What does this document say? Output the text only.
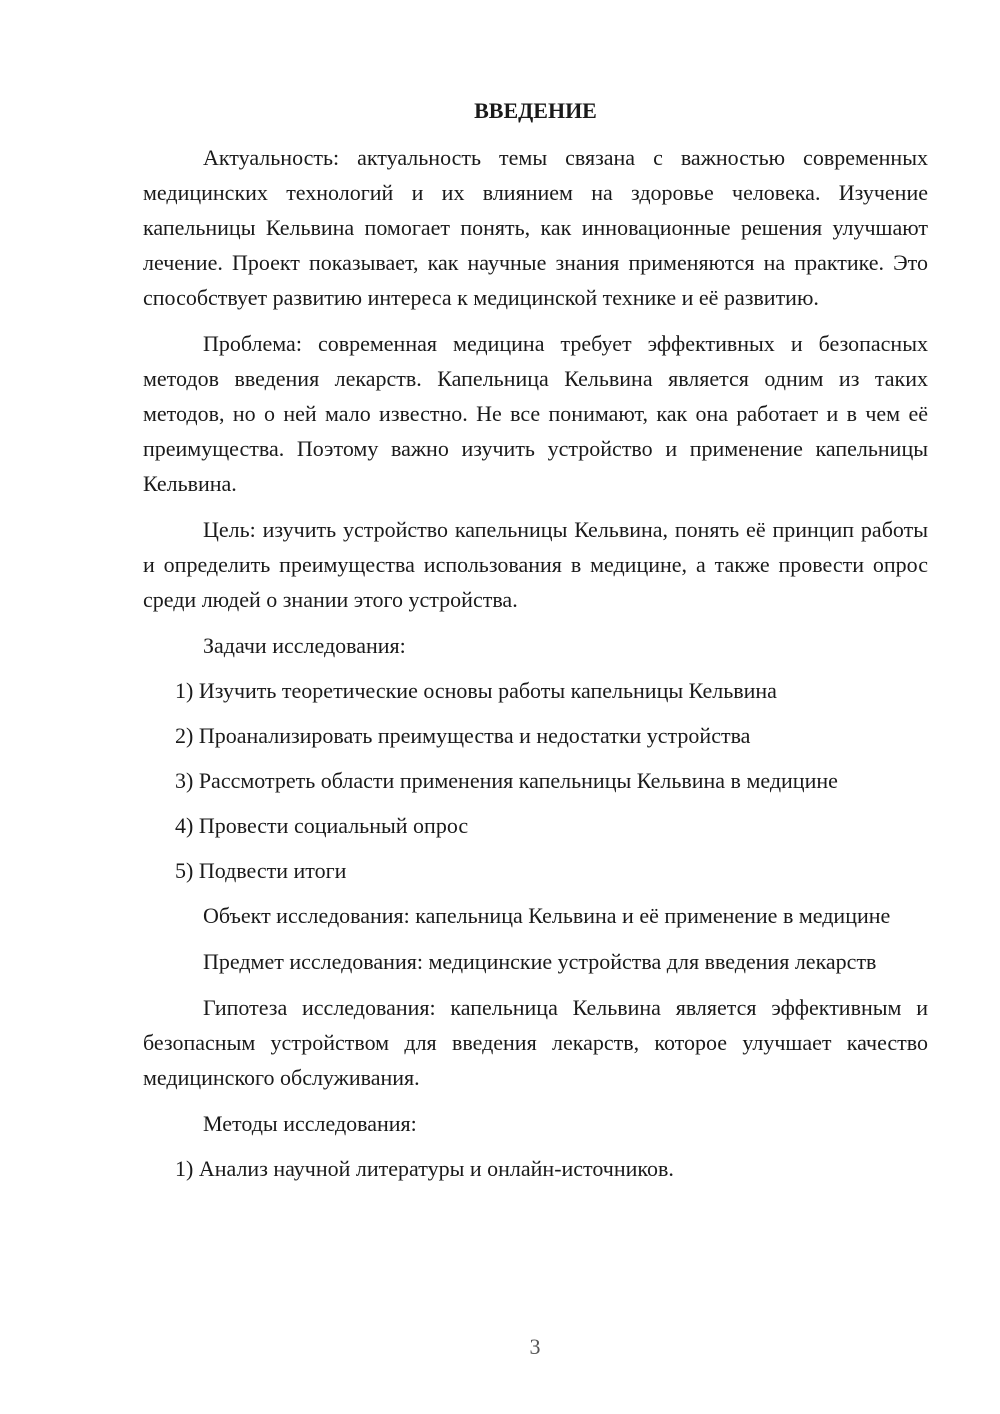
ВВЕДЕНИЕ

Актуальность: актуальность темы связана с важностью современных медицинских технологий и их влиянием на здоровье человека. Изучение капельницы Кельвина помогает понять, как инновационные решения улучшают лечение. Проект показывает, как научные знания применяются на практике. Это способствует развитию интереса к медицинской технике и её развитию.

Проблема: современная медицина требует эффективных и безопасных методов введения лекарств. Капельница Кельвина является одним из таких методов, но о ней мало известно. Не все понимают, как она работает и в чем её преимущества. Поэтому важно изучить устройство и применение капельницы Кельвина.

Цель: изучить устройство капельницы Кельвина, понять её принцип работы и определить преимущества использования в медицине, а также провести опрос среди людей о знании этого устройства.

Задачи исследования:

1) Изучить теоретические основы работы капельницы Кельвина
2) Проанализировать преимущества и недостатки устройства
3) Рассмотреть области применения капельницы Кельвина в медицине
4) Провести социальный опрос
5) Подвести итоги

Объект исследования: капельница Кельвина и её применение в медицине

Предмет исследования: медицинские устройства для введения лекарств

Гипотеза исследования: капельница Кельвина является эффективным и безопасным устройством для введения лекарств, которое улучшает качество медицинского обслуживания.

Методы исследования:

1) Анализ научной литературы и онлайн-источников.
3
